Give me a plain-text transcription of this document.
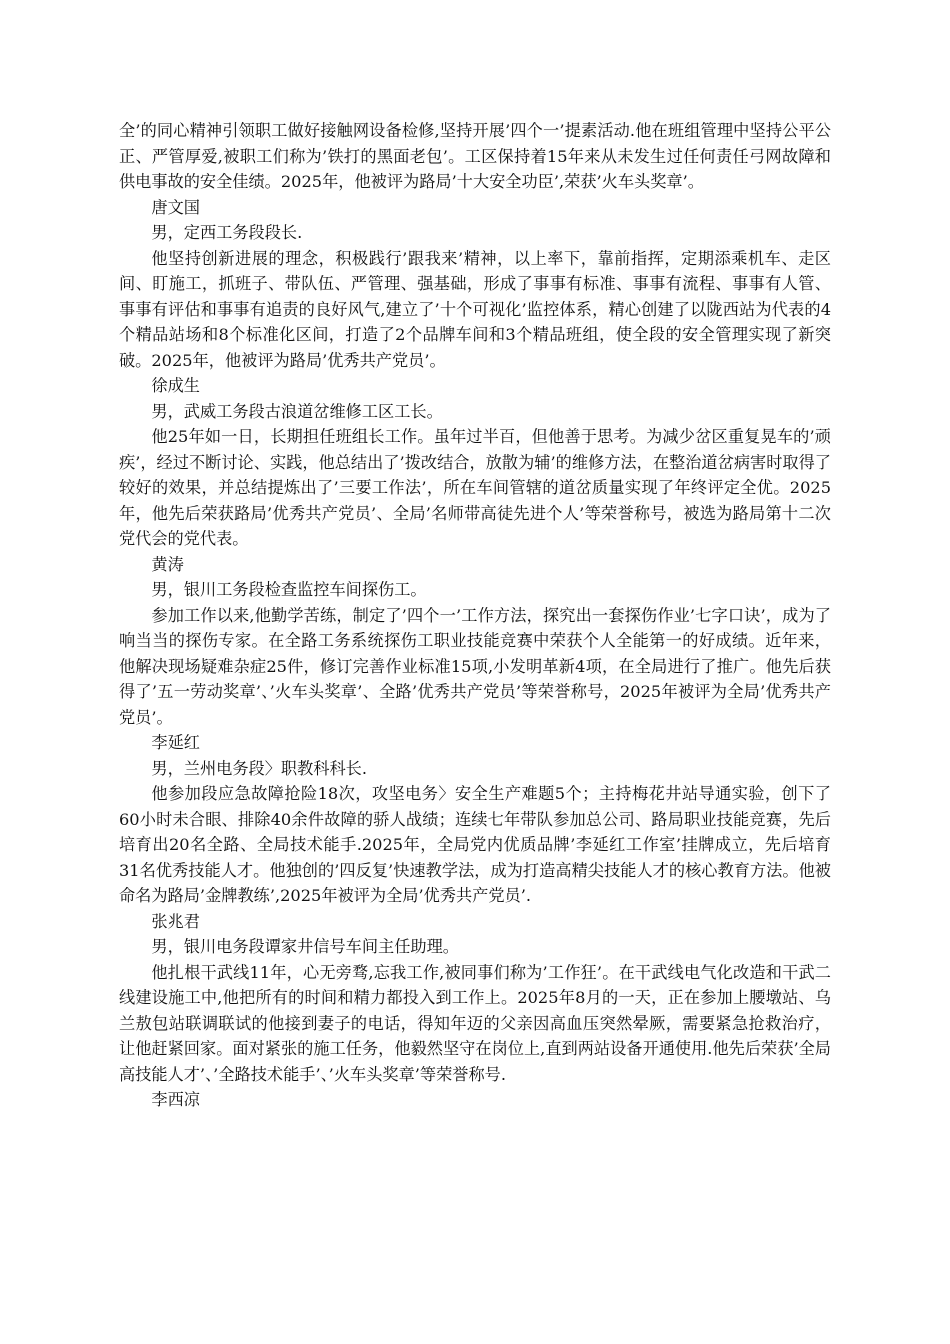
全’的同心精神引领职工做好接触网设备检修,坚持开展’四个一’提素活动.他在班组管理中坚持公平公正、严管厚爱,被职工们称为’铁打的黑面老包’。工区保持着15年来从未发生过任何责任弓网故障和供电事故的安全佳绩。2025年，他被评为路局’十大安全功臣’,荣获’火车头奖章’。

唐文国

男，定西工务段段长.

他坚持创新进展的理念，积极践行’跟我来’精神，以上率下，靠前指挥，定期添乘机车、走区间、盯施工，抓班子、带队伍、严管理、强基础，形成了事事有标准、事事有流程、事事有人管、事事有评估和事事有追责的良好风气,建立了’十个可视化’监控体系，精心创建了以陇西站为代表的4个精品站场和8个标准化区间，打造了2个品牌车间和3个精品班组，使全段的安全管理实现了新突破。2025年，他被评为路局’优秀共产党员’。

徐成生

男，武威工务段古浪道岔维修工区工长。

他25年如一日，长期担任班组长工作。虽年过半百，但他善于思考。为减少岔区重复晃车的’顽疾’，经过不断讨论、实践，他总结出了’拨改结合，放散为辅’的维修方法，在整治道岔病害时取得了较好的效果，并总结提炼出了’三要工作法’，所在车间管辖的道岔质量实现了年终评定全优。2025年，他先后荣获路局’优秀共产党员’、全局’名师带高徒先进个人’等荣誉称号，被选为路局第十二次党代会的党代表。

黄涛

男，银川工务段检查监控车间探伤工。

参加工作以来,他勤学苦练，制定了’四个一’工作方法，探究出一套探伤作业’七字口诀’，成为了响当当的探伤专家。在全路工务系统探伤工职业技能竞赛中荣获个人全能第一的好成绩。近年来，他解决现场疑难杂症25件，修订完善作业标准15项,小发明革新4项，在全局进行了推广。他先后获得了’五一劳动奖章’、’火车头奖章’、全路’优秀共产党员’等荣誉称号，2025年被评为全局’优秀共产党员’。

李延红

男，兰州电务段〉职教科科长.

他参加段应急故障抢险18次，攻坚电务〉安全生产难题5个；主持梅花井站导通实验，创下了60小时未合眼、排除40余件故障的骄人战绩；连续七年带队参加总公司、路局职业技能竞赛，先后培育出20名全路、全局技术能手.2025年，全局党内优质品牌’李延红工作室’挂牌成立，先后培育31名优秀技能人才。他独创的’四反复’快速教学法，成为打造高精尖技能人才的核心教育方法。他被命名为路局’金牌教练’,2025年被评为全局’优秀共产党员’.

张兆君

男，银川电务段谭家井信号车间主任助理。

他扎根干武线11年，心无旁骛,忘我工作,被同事们称为’工作狂’。在干武线电气化改造和干武二线建设施工中,他把所有的时间和精力都投入到工作上。2025年8月的一天，正在参加上腰墩站、乌兰敖包站联调联试的他接到妻子的电话，得知年迈的父亲因高血压突然晕厥，需要紧急抢救治疗，让他赶紧回家。面对紧张的施工任务，他毅然坚守在岗位上,直到两站设备开通使用.他先后荣获’全局高技能人才’、’全路技术能手’、’火车头奖章’等荣誉称号.

李西凉
